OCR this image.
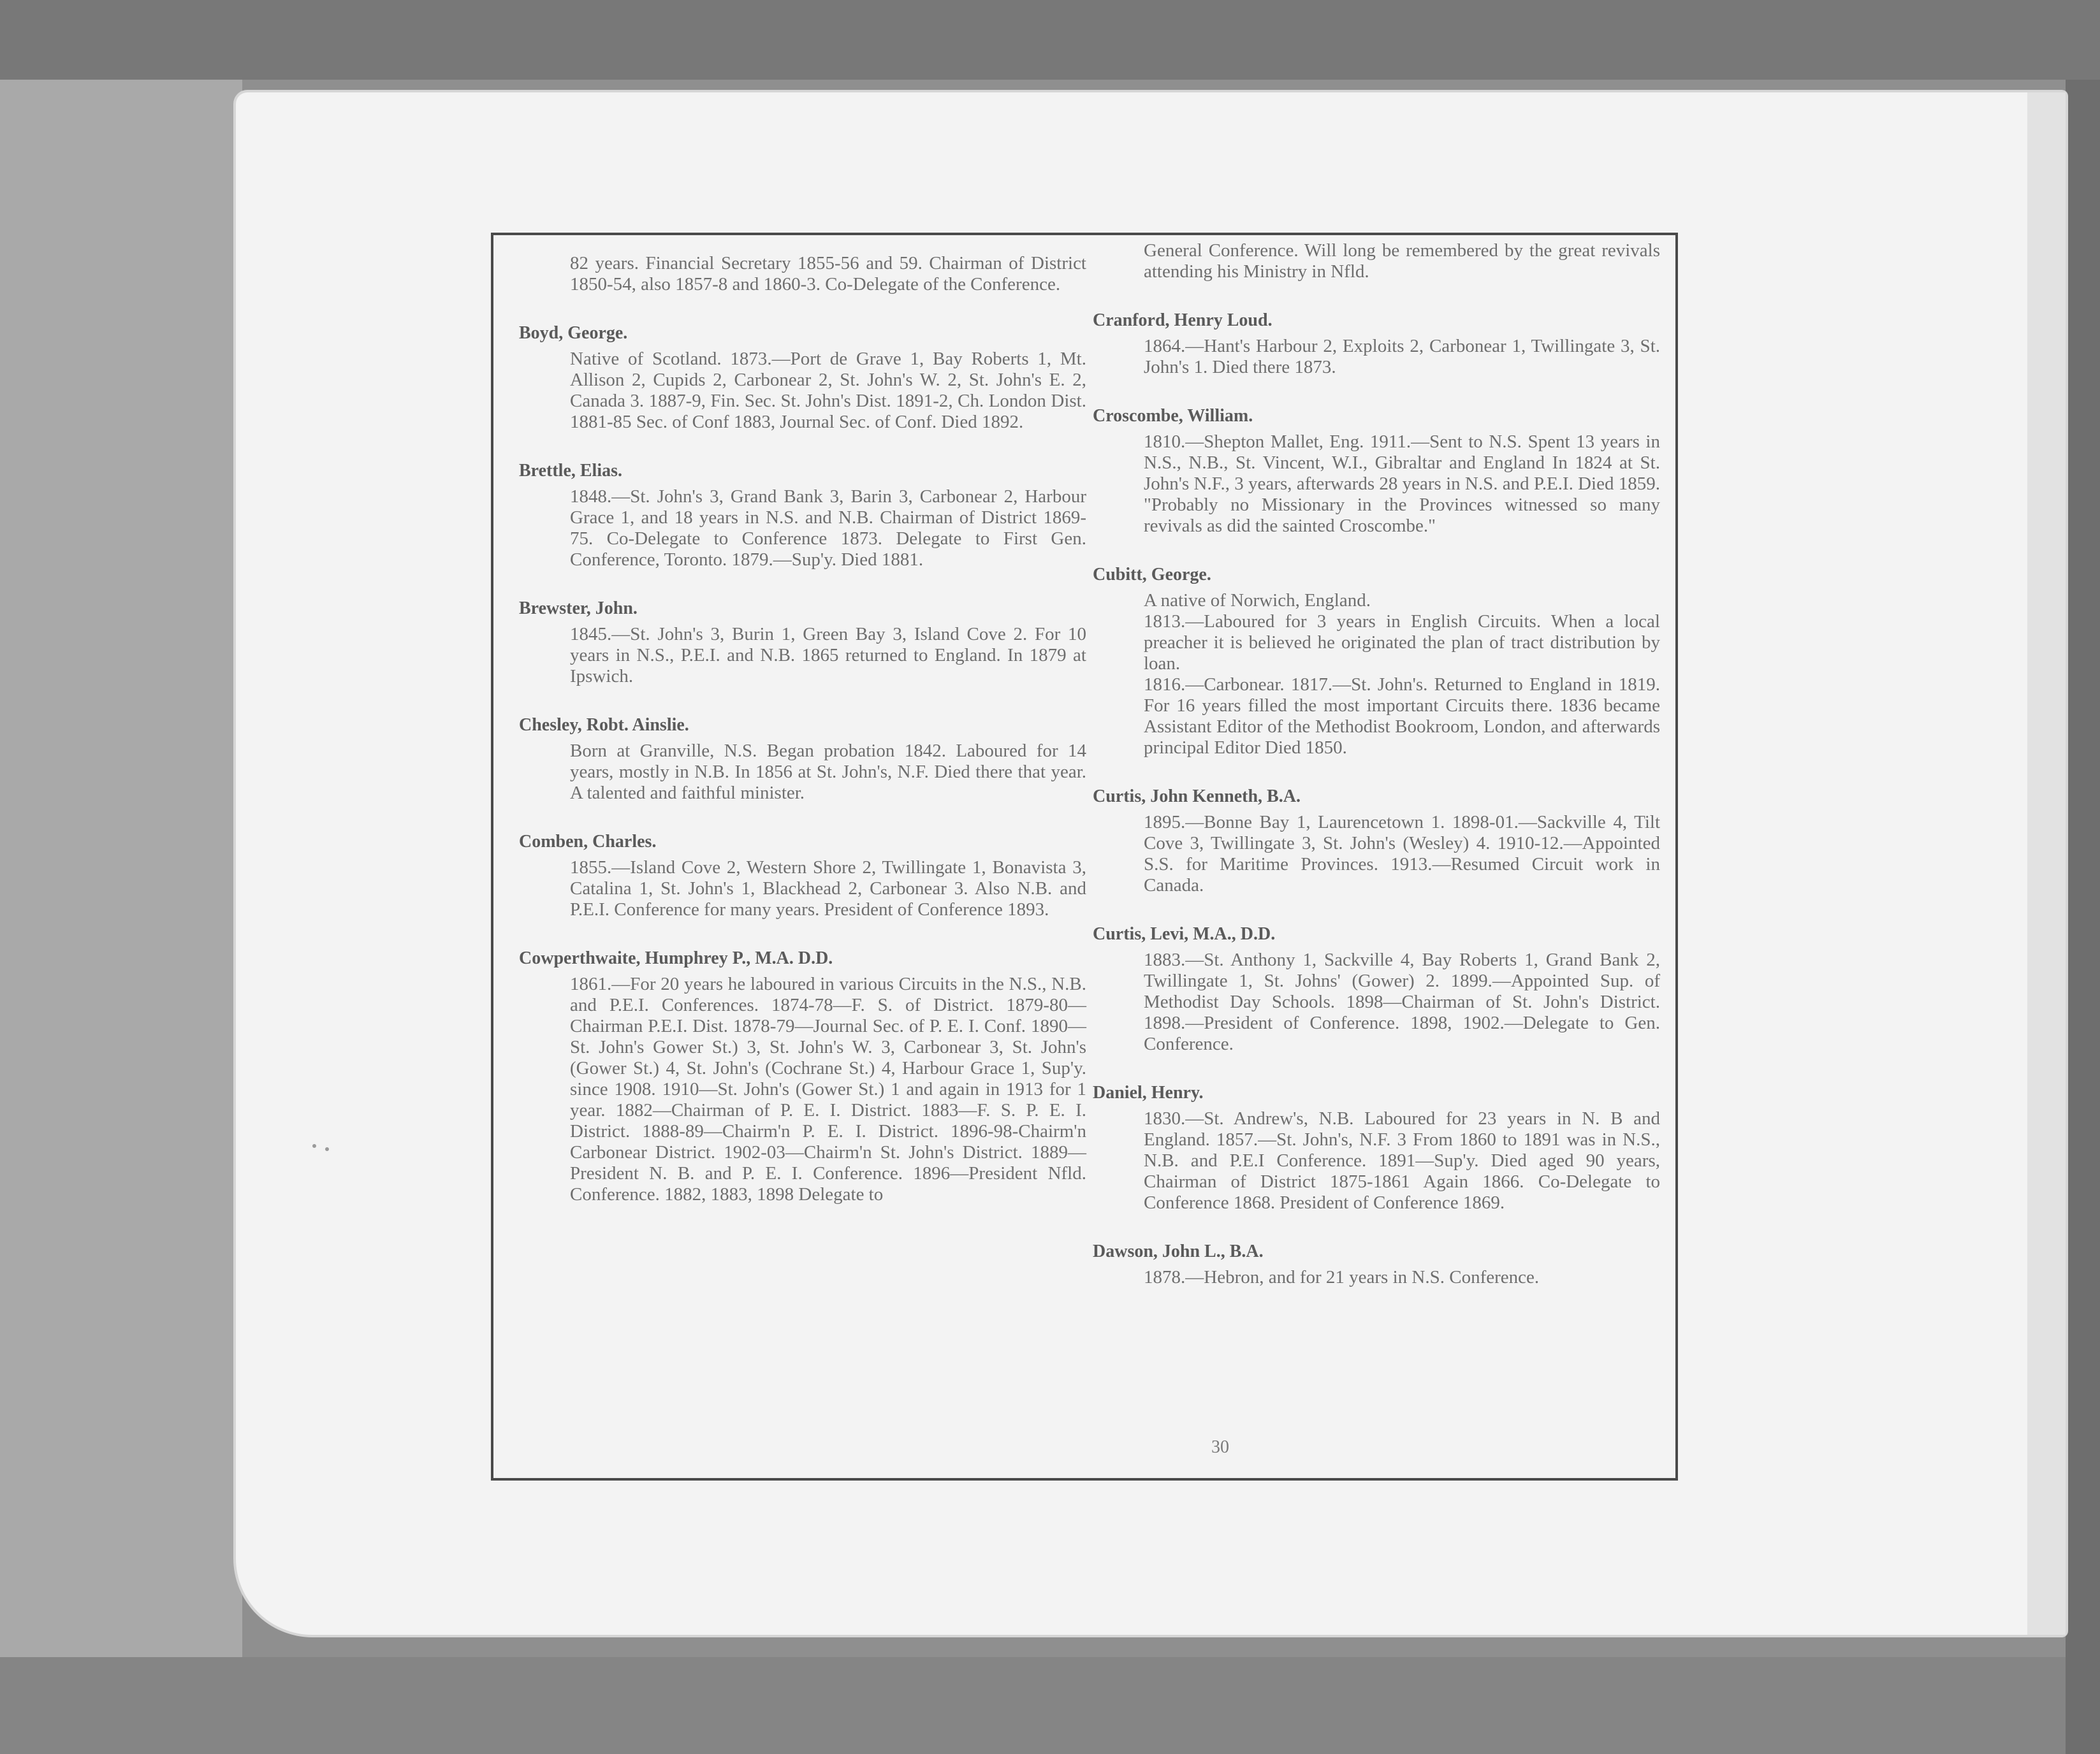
82 years. Financial Secretary 1855-56 and 59. Chairman of District 1850-54, also 1857-8 and 1860-3. Co-Delegate of the Conference.

Boyd, George.

Native of Scotland. 1873.—Port de Grave 1, Bay Roberts 1, Mt. Allison 2, Cupids 2, Carbonear 2, St. John's W. 2, St. John's E. 2, Canada 3. 1887-9, Fin. Sec. St. John's Dist. 1891-2, Ch. London Dist. 1881-85 Sec. of Conf 1883, Journal Sec. of Conf. Died 1892.

Brettle, Elias.

1848.—St. John's 3, Grand Bank 3, Barin 3, Carbonear 2, Harbour Grace 1, and 18 years in N.S. and N.B. Chairman of District 1869-75. Co-Delegate to Conference 1873. Delegate to First Gen. Conference, Toronto. 1879.—Sup'y. Died 1881.

Brewster, John.

1845.—St. John's 3, Burin 1, Green Bay 3, Island Cove 2. For 10 years in N.S., P.E.I. and N.B. 1865 returned to England. In 1879 at Ipswich.

Chesley, Robt. Ainslie.

Born at Granville, N.S. Began probation 1842. Laboured for 14 years, mostly in N.B. In 1856 at St. John's, N.F. Died there that year. A talented and faithful minister.

Comben, Charles.

1855.—Island Cove 2, Western Shore 2, Twillingate 1, Bonavista 3, Catalina 1, St. John's 1, Blackhead 2, Carbonear 3. Also N.B. and P.E.I. Conference for many years. President of Conference 1893.

Cowperthwaite, Humphrey P., M.A. D.D.

1861.—For 20 years he laboured in various Circuits in the N.S., N.B. and P.E.I. Conferences. 1874-78—F. S. of District. 1879-80— Chairman P.E.I. Dist. 1878-79—Journal Sec. of P. E. I. Conf. 1890—St. John's Gower St.) 3, St. John's W. 3, Carbonear 3, St. John's (Gower St.) 4, St. John's (Cochrane St.) 4, Harbour Grace 1, Sup'y. since 1908. 1910—St. John's (Gower St.) 1 and again in 1913 for 1 year. 1882—Chairman of P. E. I. District. 1883—F. S. P. E. I. District. 1888-89—Chairm'n P. E. I. District. 1896-98-Chairm'n Carbonear District. 1902-03—Chairm'n St. John's District. 1889—President N. B. and P. E. I. Conference. 1896—President Nfld. Conference. 1882, 1883, 1898 Delegate to

General Conference. Will long be remembered by the great revivals attending his Ministry in Nfld.

Cranford, Henry Loud.

1864.—Hant's Harbour 2, Exploits 2, Carbonear 1, Twillingate 3, St. John's 1. Died there 1873.

Croscombe, William.

1810.—Shepton Mallet, Eng. 1911.—Sent to N.S. Spent 13 years in N.S., N.B., St. Vincent, W.I., Gibraltar and England In 1824 at St. John's N.F., 3 years, afterwards 28 years in N.S. and P.E.I. Died 1859. "Probably no Missionary in the Provinces witnessed so many revivals as did the sainted Croscombe."

Cubitt, George.

A native of Norwich, England.
1813.—Laboured for 3 years in English Circuits. When a local preacher it is believed he originated the plan of tract distribution by loan.
1816.—Carbonear. 1817.—St. John's. Returned to England in 1819. For 16 years filled the most important Circuits there. 1836 became Assistant Editor of the Methodist Bookroom, London, and afterwards principal Editor Died 1850.

Curtis, John Kenneth, B.A.

1895.—Bonne Bay 1, Laurencetown 1. 1898-01.—Sackville 4, Tilt Cove 3, Twillingate 3, St. John's (Wesley) 4. 1910-12.—Appointed S.S. for Maritime Provinces. 1913.—Resumed Circuit work in Canada.

Curtis, Levi, M.A., D.D.

1883.—St. Anthony 1, Sackville 4, Bay Roberts 1, Grand Bank 2, Twillingate 1, St. Johns' (Gower) 2. 1899.—Appointed Sup. of Methodist Day Schools. 1898—Chairman of St. John's District. 1898.—President of Conference. 1898, 1902.—Delegate to Gen. Conference.

Daniel, Henry.

1830.—St. Andrew's, N.B. Laboured for 23 years in N. B and England. 1857.—St. John's, N.F. 3 From 1860 to 1891 was in N.S., N.B. and P.E.I Conference. 1891—Sup'y. Died aged 90 years, Chairman of District 1875-1861 Again 1866. Co-Delegate to Conference 1868. President of Conference 1869.

Dawson, John L., B.A.

1878.—Hebron, and for 21 years in N.S. Conference.

30
